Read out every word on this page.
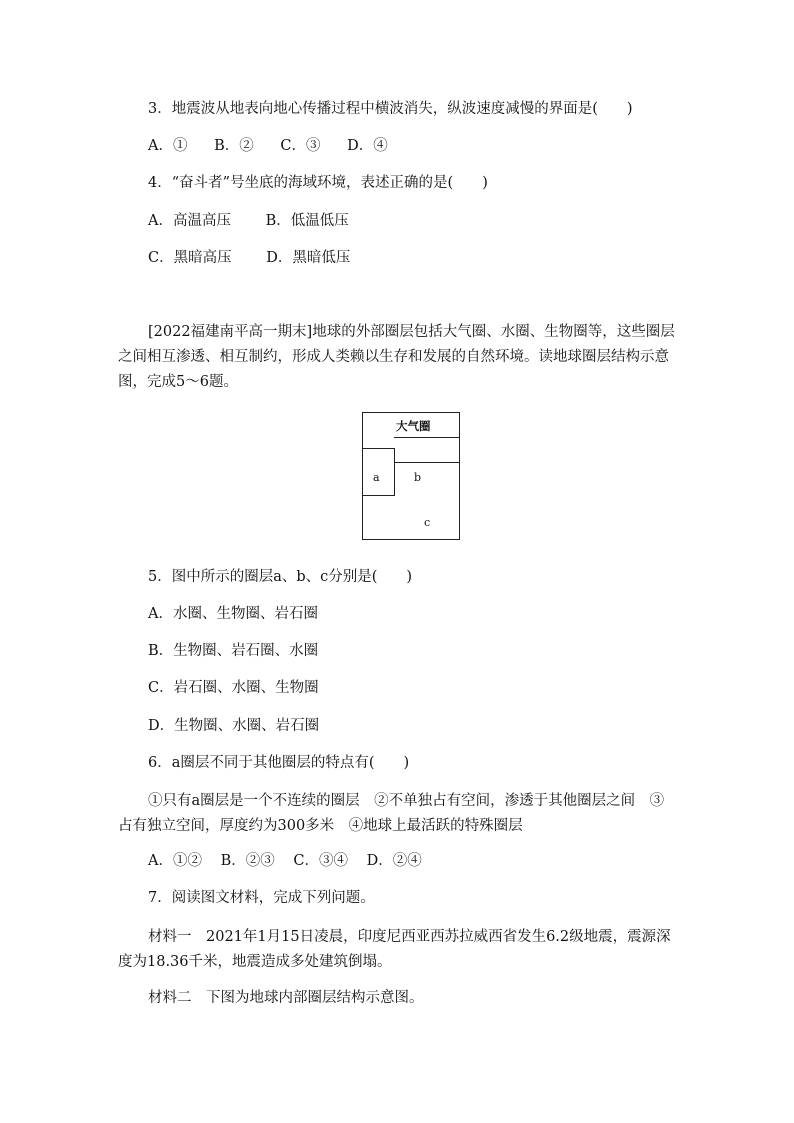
3．地震波从地表向地心传播过程中横波消失，纵波速度减慢的界面是(　　)
A．① B．② C．③ D．④
4．“奋斗者”号坐底的海域环境，表述正确的是(　　)
A．高温高压 B．低温低压
C．黑暗高压 D．黑暗低压
[2022福建南平高一期末]地球的外部圈层包括大气圈、水圈、生物圈等，这些圈层之间相互渗透、相互制约，形成人类赖以生存和发展的自然环境。读地球圈层结构示意图，完成5～6题。
大气圈
a	b
c
5．图中所示的圈层a、b、c分别是(　　)
A．水圈、生物圈、岩石圈
B．生物圈、岩石圈、水圈
C．岩石圈、水圈、生物圈
D．生物圈、水圈、岩石圈
6．a圈层不同于其他圈层的特点有(　　)
①只有a圈层是一个不连续的圈层　②不单独占有空间，渗透于其他圈层之间　③占有独立空间，厚度约为300多米　④地球上最活跃的特殊圈层
A．①② B．②③ C．③④ D．②④
7．阅读图文材料，完成下列问题。
材料一　2021年1月15日凌晨，印度尼西亚西苏拉威西省发生6.2级地震，震源深度为18.36千米，地震造成多处建筑倒塌。
材料二　下图为地球内部圈层结构示意图。
